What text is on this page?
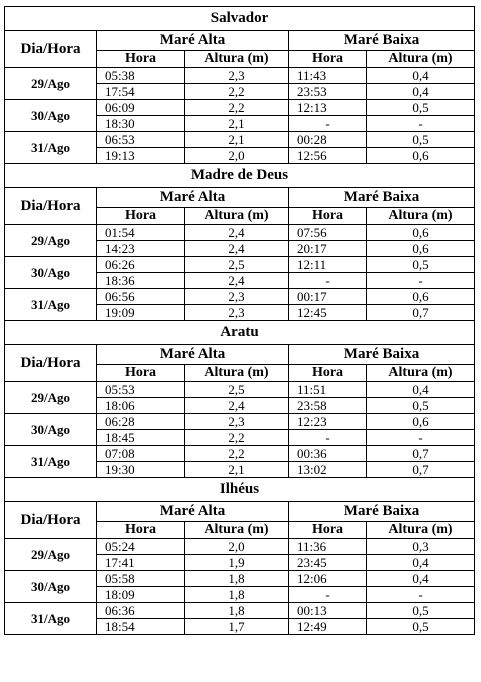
Salvador				
Dia/Hora	Maré Alta		Maré Baixa	
	Hora	Altura (m)	Hora	Altura (m)
29/Ago	05:38	2,3	11:43	0,4
	17:54	2,2	23:53	0,4
30/Ago	06:09	2,2	12:13	0,5
	18:30	2,1	-	-
31/Ago	06:53	2,1	00:28	0,5
	19:13	2,0	12:56	0,6
Madre de Deus				
Dia/Hora	Maré Alta		Maré Baixa	
	Hora	Altura (m)	Hora	Altura (m)
29/Ago	01:54	2,4	07:56	0,6
	14:23	2,4	20:17	0,6
30/Ago	06:26	2,5	12:11	0,5
	18:36	2,4	-	-
31/Ago	06:56	2,3	00:17	0,6
	19:09	2,3	12:45	0,7
Aratu				
Dia/Hora	Maré Alta		Maré Baixa	
	Hora	Altura (m)	Hora	Altura (m)
29/Ago	05:53	2,5	11:51	0,4
	18:06	2,4	23:58	0,5
30/Ago	06:28	2,3	12:23	0,6
	18:45	2,2	-	-
31/Ago	07:08	2,2	00:36	0,7
	19:30	2,1	13:02	0,7
Ilhéus				
Dia/Hora	Maré Alta		Maré Baixa	
	Hora	Altura (m)	Hora	Altura (m)
29/Ago	05:24	2,0	11:36	0,3
	17:41	1,9	23:45	0,4
30/Ago	05:58	1,8	12:06	0,4
	18:09	1,8	-	-
31/Ago	06:36	1,8	00:13	0,5
	18:54	1,7	12:49	0,5
